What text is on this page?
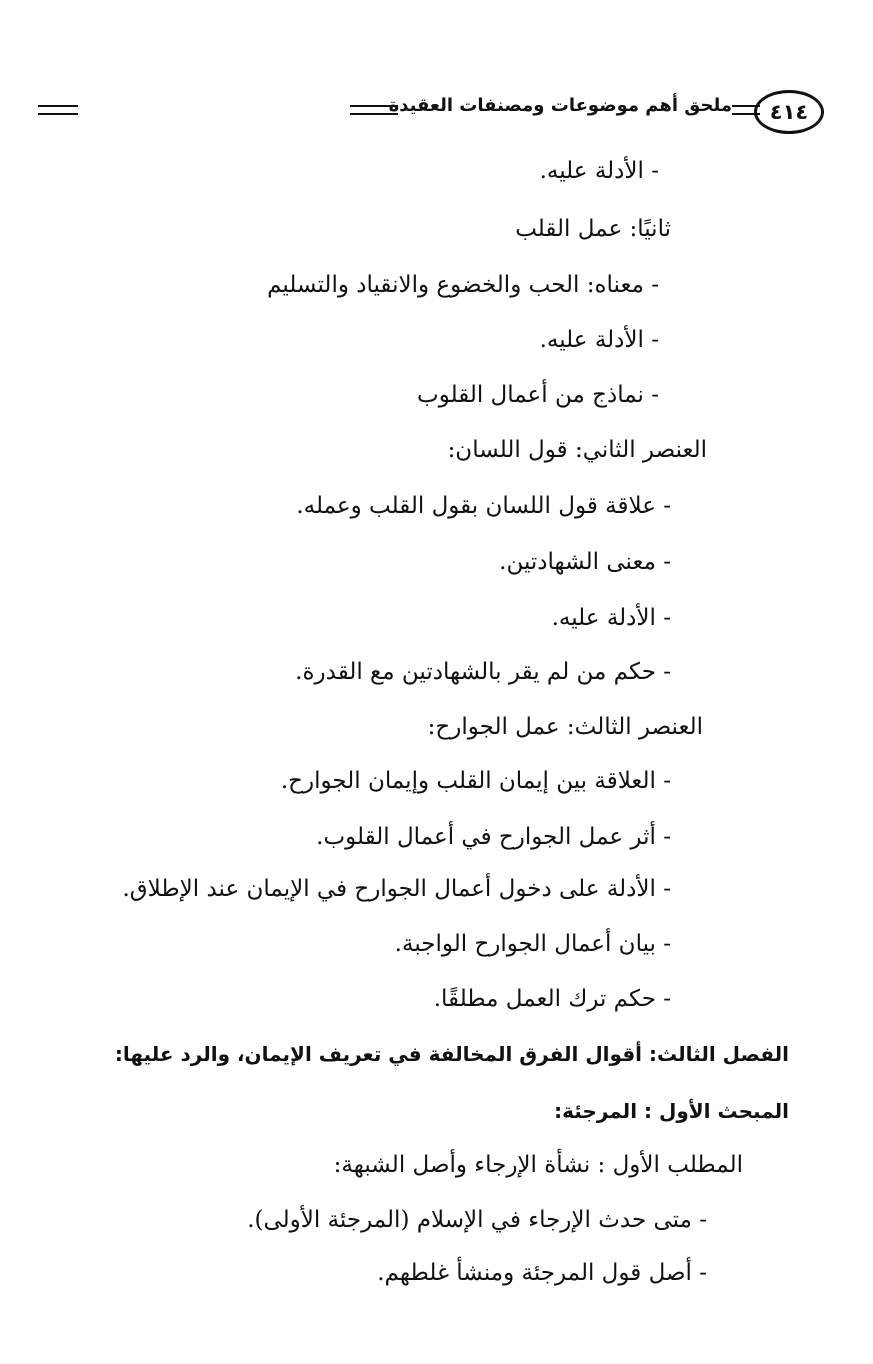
٤١٤
ملحق أهم موضوعات ومصنفات العقيدة
- الأدلة عليه.
ثانيًا: عمل القلب
- معناه: الحب والخضوع والانقياد والتسليم
- الأدلة عليه.
- نماذج من أعمال القلوب
العنصر الثاني: قول اللسان:
- علاقة قول اللسان بقول القلب وعمله.
- معنى الشهادتين.
- الأدلة عليه.
- حكم من لم يقر بالشهادتين مع القدرة.
العنصر الثالث: عمل الجوارح:
- العلاقة بين إيمان القلب وإيمان الجوارح.
- أثر عمل الجوارح في أعمال القلوب.
- الأدلة على دخول أعمال الجوارح في الإيمان عند الإطلاق.
- بيان أعمال الجوارح الواجبة.
- حكم ترك العمل مطلقًا.
الفصل الثالث: أقوال الفرق المخالفة في تعريف الإيمان، والرد عليها:
المبحث الأول : المرجئة:
المطلب الأول : نشأة الإرجاء وأصل الشبهة:
- متى حدث الإرجاء في الإسلام (المرجئة الأولى).
- أصل قول المرجئة ومنشأ غلطهم.
